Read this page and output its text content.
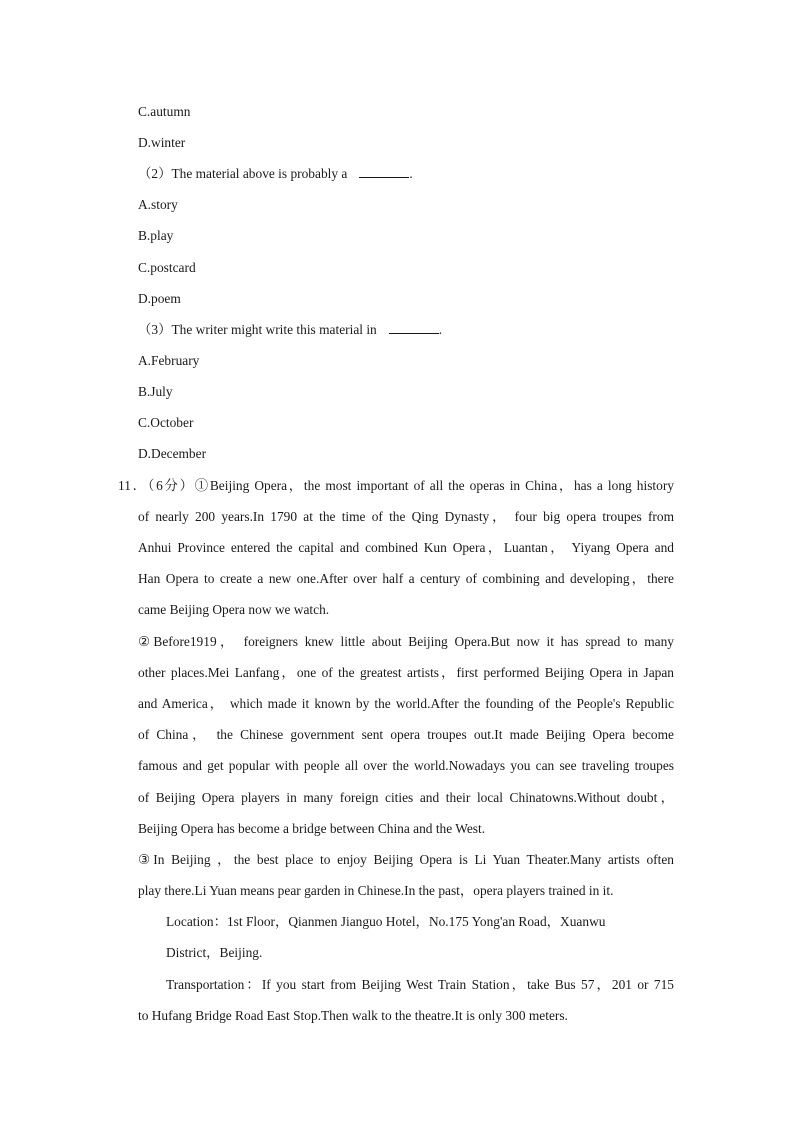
C.autumn
D.winter
（2）The material above is probably a	.
A.story
B.play
C.postcard
D.poem
（3）The writer might write this material in	.
A.February
B.July
C.October
D.December
11．（6分）①Beijing Opera，the most important of all the operas in China，has a long history
of nearly 200 years.In 1790 at the time of the Qing Dynasty， four big opera troupes from
Anhui Province entered the capital and combined Kun Opera，Luantan， Yiyang Opera and
Han Opera to create a new one.After over half a century of combining and developing，there
came Beijing Opera now we watch.
②Before1919， foreigners knew little about Beijing Opera.But now it has spread to many
other places.Mei Lanfang，one of the greatest artists，first performed Beijing Opera in Japan
and America， which made it known by the world.After the founding of the People's Republic
of China， the Chinese government sent opera troupes out.It made Beijing Opera become
famous and get popular with people all over the world.Nowadays you can see traveling troupes
of Beijing Opera players in many foreign cities and their local Chinatowns.Without doubt，
Beijing Opera has become a bridge between China and the West.
③In Beijing ，the best place to enjoy Beijing Opera is Li Yuan Theater.Many artists often
play there.Li Yuan means pear garden in Chinese.In the past，opera players trained in it.
Location：1st Floor，Qianmen Jianguo Hotel，No.175 Yong'an Road，Xuanwu
District，Beijing.
Transportation：If you start from Beijing West Train Station，take Bus 57，201 or 715
to Hufang Bridge Road East Stop.Then walk to the theatre.It is only 300 meters.
